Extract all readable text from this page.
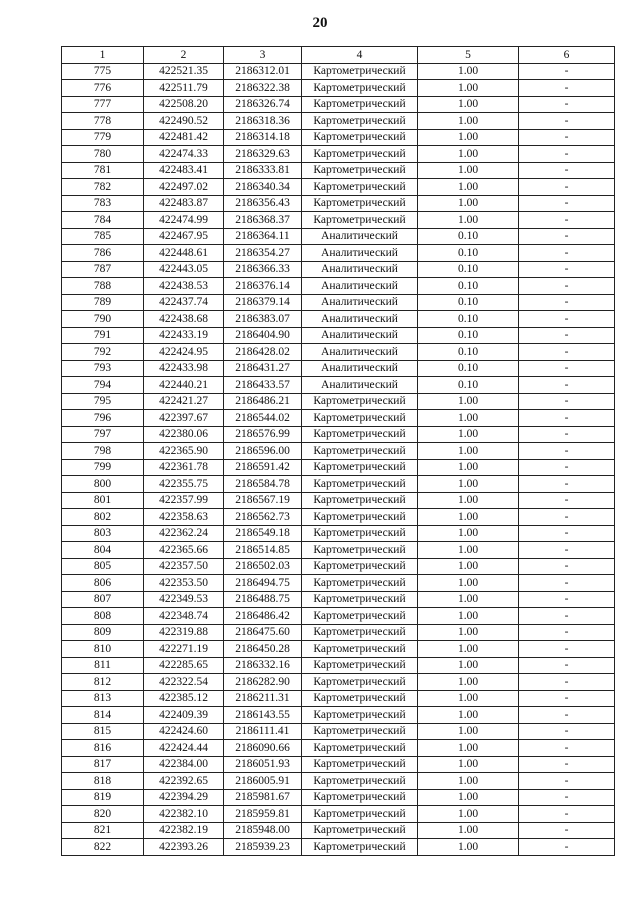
20
1	2	3	4	5	6
775	422521.35	2186312.01	Картометрический	1.00	-
776	422511.79	2186322.38	Картометрический	1.00	-
777	422508.20	2186326.74	Картометрический	1.00	-
778	422490.52	2186318.36	Картометрический	1.00	-
779	422481.42	2186314.18	Картометрический	1.00	-
780	422474.33	2186329.63	Картометрический	1.00	-
781	422483.41	2186333.81	Картометрический	1.00	-
782	422497.02	2186340.34	Картометрический	1.00	-
783	422483.87	2186356.43	Картометрический	1.00	-
784	422474.99	2186368.37	Картометрический	1.00	-
785	422467.95	2186364.11	Аналитический	0.10	-
786	422448.61	2186354.27	Аналитический	0.10	-
787	422443.05	2186366.33	Аналитический	0.10	-
788	422438.53	2186376.14	Аналитический	0.10	-
789	422437.74	2186379.14	Аналитический	0.10	-
790	422438.68	2186383.07	Аналитический	0.10	-
791	422433.19	2186404.90	Аналитический	0.10	-
792	422424.95	2186428.02	Аналитический	0.10	-
793	422433.98	2186431.27	Аналитический	0.10	-
794	422440.21	2186433.57	Аналитический	0.10	-
795	422421.27	2186486.21	Картометрический	1.00	-
796	422397.67	2186544.02	Картометрический	1.00	-
797	422380.06	2186576.99	Картометрический	1.00	-
798	422365.90	2186596.00	Картометрический	1.00	-
799	422361.78	2186591.42	Картометрический	1.00	-
800	422355.75	2186584.78	Картометрический	1.00	-
801	422357.99	2186567.19	Картометрический	1.00	-
802	422358.63	2186562.73	Картометрический	1.00	-
803	422362.24	2186549.18	Картометрический	1.00	-
804	422365.66	2186514.85	Картометрический	1.00	-
805	422357.50	2186502.03	Картометрический	1.00	-
806	422353.50	2186494.75	Картометрический	1.00	-
807	422349.53	2186488.75	Картометрический	1.00	-
808	422348.74	2186486.42	Картометрический	1.00	-
809	422319.88	2186475.60	Картометрический	1.00	-
810	422271.19	2186450.28	Картометрический	1.00	-
811	422285.65	2186332.16	Картометрический	1.00	-
812	422322.54	2186282.90	Картометрический	1.00	-
813	422385.12	2186211.31	Картометрический	1.00	-
814	422409.39	2186143.55	Картометрический	1.00	-
815	422424.60	2186111.41	Картометрический	1.00	-
816	422424.44	2186090.66	Картометрический	1.00	-
817	422384.00	2186051.93	Картометрический	1.00	-
818	422392.65	2186005.91	Картометрический	1.00	-
819	422394.29	2185981.67	Картометрический	1.00	-
820	422382.10	2185959.81	Картометрический	1.00	-
821	422382.19	2185948.00	Картометрический	1.00	-
822	422393.26	2185939.23	Картометрический	1.00	-
